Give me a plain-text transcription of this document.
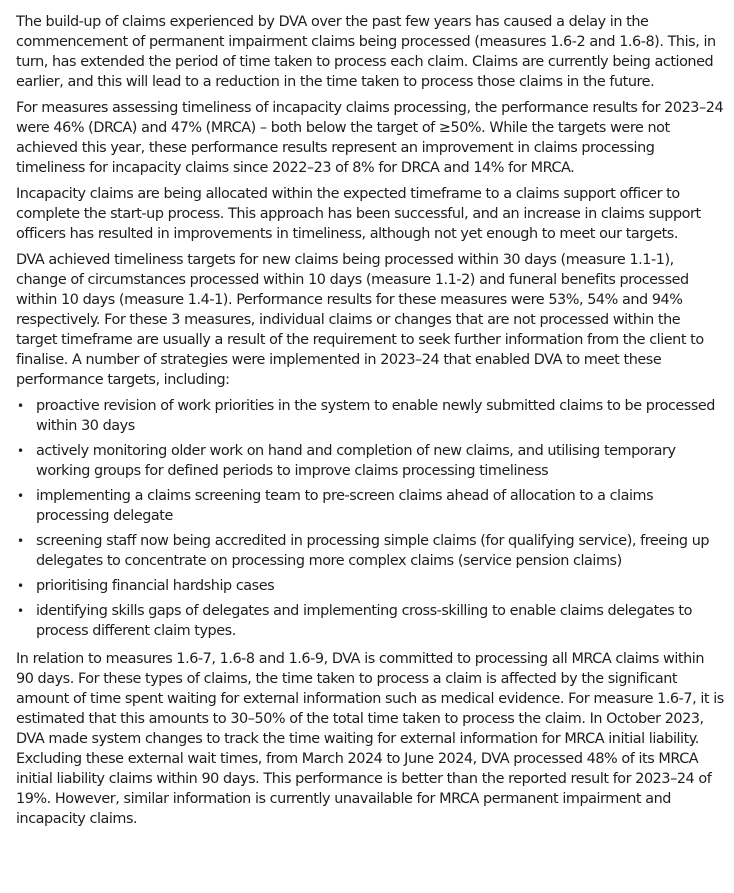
The build-up of claims experienced by DVA over the past few years has caused a delay in the commencement of permanent impairment claims being processed (measures 1.6-2 and 1.6-8). This, in turn, has extended the period of time taken to process each claim. Claims are currently being actioned earlier, and this will lead to a reduction in the time taken to process those claims in the future.

For measures assessing timeliness of incapacity claims processing, the performance results for 2023–24 were 46% (DRCA) and 47% (MRCA) – both below the target of ≥50%. While the targets were not achieved this year, these performance results represent an improvement in claims processing timeliness for incapacity claims since 2022–23 of 8% for DRCA and 14% for MRCA.

Incapacity claims are being allocated within the expected timeframe to a claims support officer to complete the start-up process. This approach has been successful, and an increase in claims support officers has resulted in improvements in timeliness, although not yet enough to meet our targets.

DVA achieved timeliness targets for new claims being processed within 30 days (measure 1.1-1), change of circumstances processed within 10 days (measure 1.1-2) and funeral benefits processed within 10 days (measure 1.4-1). Performance results for these measures were 53%, 54% and 94% respectively. For these 3 measures, individual claims or changes that are not processed within the target timeframe are usually a result of the requirement to seek further information from the client to finalise. A number of strategies were implemented in 2023–24 that enabled DVA to meet these performance targets, including:

• proactive revision of work priorities in the system to enable newly submitted claims to be processed within 30 days
• actively monitoring older work on hand and completion of new claims, and utilising temporary working groups for defined periods to improve claims processing timeliness
• implementing a claims screening team to pre-screen claims ahead of allocation to a claims processing delegate
• screening staff now being accredited in processing simple claims (for qualifying service), freeing up delegates to concentrate on processing more complex claims (service pension claims)
• prioritising financial hardship cases
• identifying skills gaps of delegates and implementing cross-skilling to enable claims delegates to process different claim types.

In relation to measures 1.6-7, 1.6-8 and 1.6-9, DVA is committed to processing all MRCA claims within 90 days. For these types of claims, the time taken to process a claim is affected by the significant amount of time spent waiting for external information such as medical evidence. For measure 1.6-7, it is estimated that this amounts to 30–50% of the total time taken to process the claim. In October 2023, DVA made system changes to track the time waiting for external information for MRCA initial liability. Excluding these external wait times, from March 2024 to June 2024, DVA processed 48% of its MRCA initial liability claims within 90 days. This performance is better than the reported result for 2023–24 of 19%. However, similar information is currently unavailable for MRCA permanent impairment and incapacity claims.
